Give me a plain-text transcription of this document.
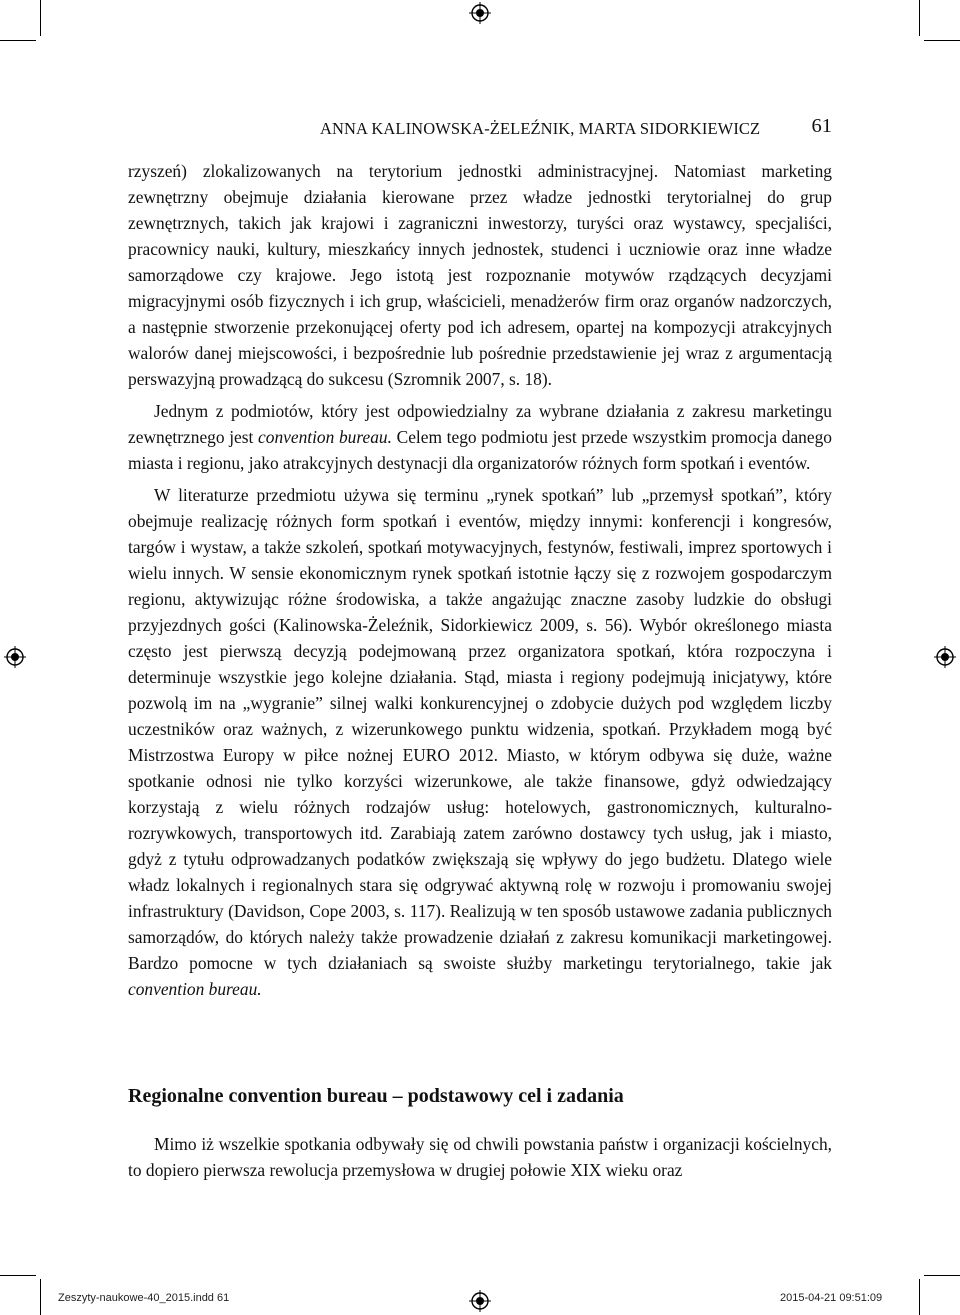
ANNA KALINOWSKA-ŻELEŹNIK, MARTA SIDORKIEWICZ	61

rzyszeń) zlokalizowanych na terytorium jednostki administracyjnej. Natomiast marketing zewnętrzny obejmuje działania kierowane przez władze jednostki terytorialnej do grup zewnętrznych, takich jak krajowi i zagraniczni inwestorzy, turyści oraz wystawcy, specjaliści, pracownicy nauki, kultury, mieszkańcy innych jednostek, studenci i uczniowie oraz inne władze samorządowe czy krajowe. Jego istotą jest rozpoznanie motywów rządzących decyzjami migracyjnymi osób fizycznych i ich grup, właścicieli, menadżerów firm oraz organów nadzorczych, a następnie stworzenie przekonującej oferty pod ich adresem, opartej na kompozycji atrakcyjnych walorów danej miejscowości, i bezpośrednie lub pośrednie przedstawienie jej wraz z argumentacją perswazyjną prowadzącą do sukcesu (Szromnik 2007, s. 18).

Jednym z podmiotów, który jest odpowiedzialny za wybrane działania z zakresu marketingu zewnętrznego jest convention bureau. Celem tego podmiotu jest przede wszystkim promocja danego miasta i regionu, jako atrakcyjnych destynacji dla organizatorów różnych form spotkań i eventów.

W literaturze przedmiotu używa się terminu „rynek spotkań” lub „przemysł spotkań”, który obejmuje realizację różnych form spotkań i eventów, między innymi: konferencji i kongresów, targów i wystaw, a także szkoleń, spotkań motywacyjnych, festynów, festiwali, imprez sportowych i wielu innych. W sensie ekonomicznym rynek spotkań istotnie łączy się z rozwojem gospodarczym regionu, aktywizując różne środowiska, a także angażując znaczne zasoby ludzkie do obsługi przyjezdnych gości (Kalinowska-Żeleźnik, Sidorkiewicz 2009, s. 56). Wybór określonego miasta często jest pierwszą decyzją podejmowaną przez organizatora spotkań, która rozpoczyna i determinuje wszystkie jego kolejne działania. Stąd, miasta i regiony podejmują inicjatywy, które pozwolą im na „wygranie” silnej walki konkurencyjnej o zdobycie dużych pod względem liczby uczestników oraz ważnych, z wizerunkowego punktu widzenia, spotkań. Przykładem mogą być Mistrzostwa Europy w piłce nożnej EURO 2012. Miasto, w którym odbywa się duże, ważne spotkanie odnosi nie tylko korzyści wizerunkowe, ale także finansowe, gdyż odwiedzający korzystają z wielu różnych rodzajów usług: hotelowych, gastronomicznych, kulturalno-rozrywkowych, transportowych itd. Zarabiają zatem zarówno dostawcy tych usług, jak i miasto, gdyż z tytułu odprowadzanych podatków zwiększają się wpływy do jego budżetu. Dlatego wiele władz lokalnych i regionalnych stara się odgrywać aktywną rolę w rozwoju i promowaniu swojej infrastruktury (Davidson, Cope 2003, s. 117). Realizują w ten sposób ustawowe zadania publicznych samorządów, do których należy także prowadzenie działań z zakresu komunikacji marketingowej. Bardzo pomocne w tych działaniach są swoiste służby marketingu terytorialnego, takie jak convention bureau.

Regionalne convention bureau – podstawowy cel i zadania
Mimo iż wszelkie spotkania odbywały się od chwili powstania państw i organizacji kościelnych, to dopiero pierwsza rewolucja przemysłowa w drugiej połowie XIX wieku oraz
Zeszyty-naukowe-40_2015.indd 61	2015-04-21 09:51:09
